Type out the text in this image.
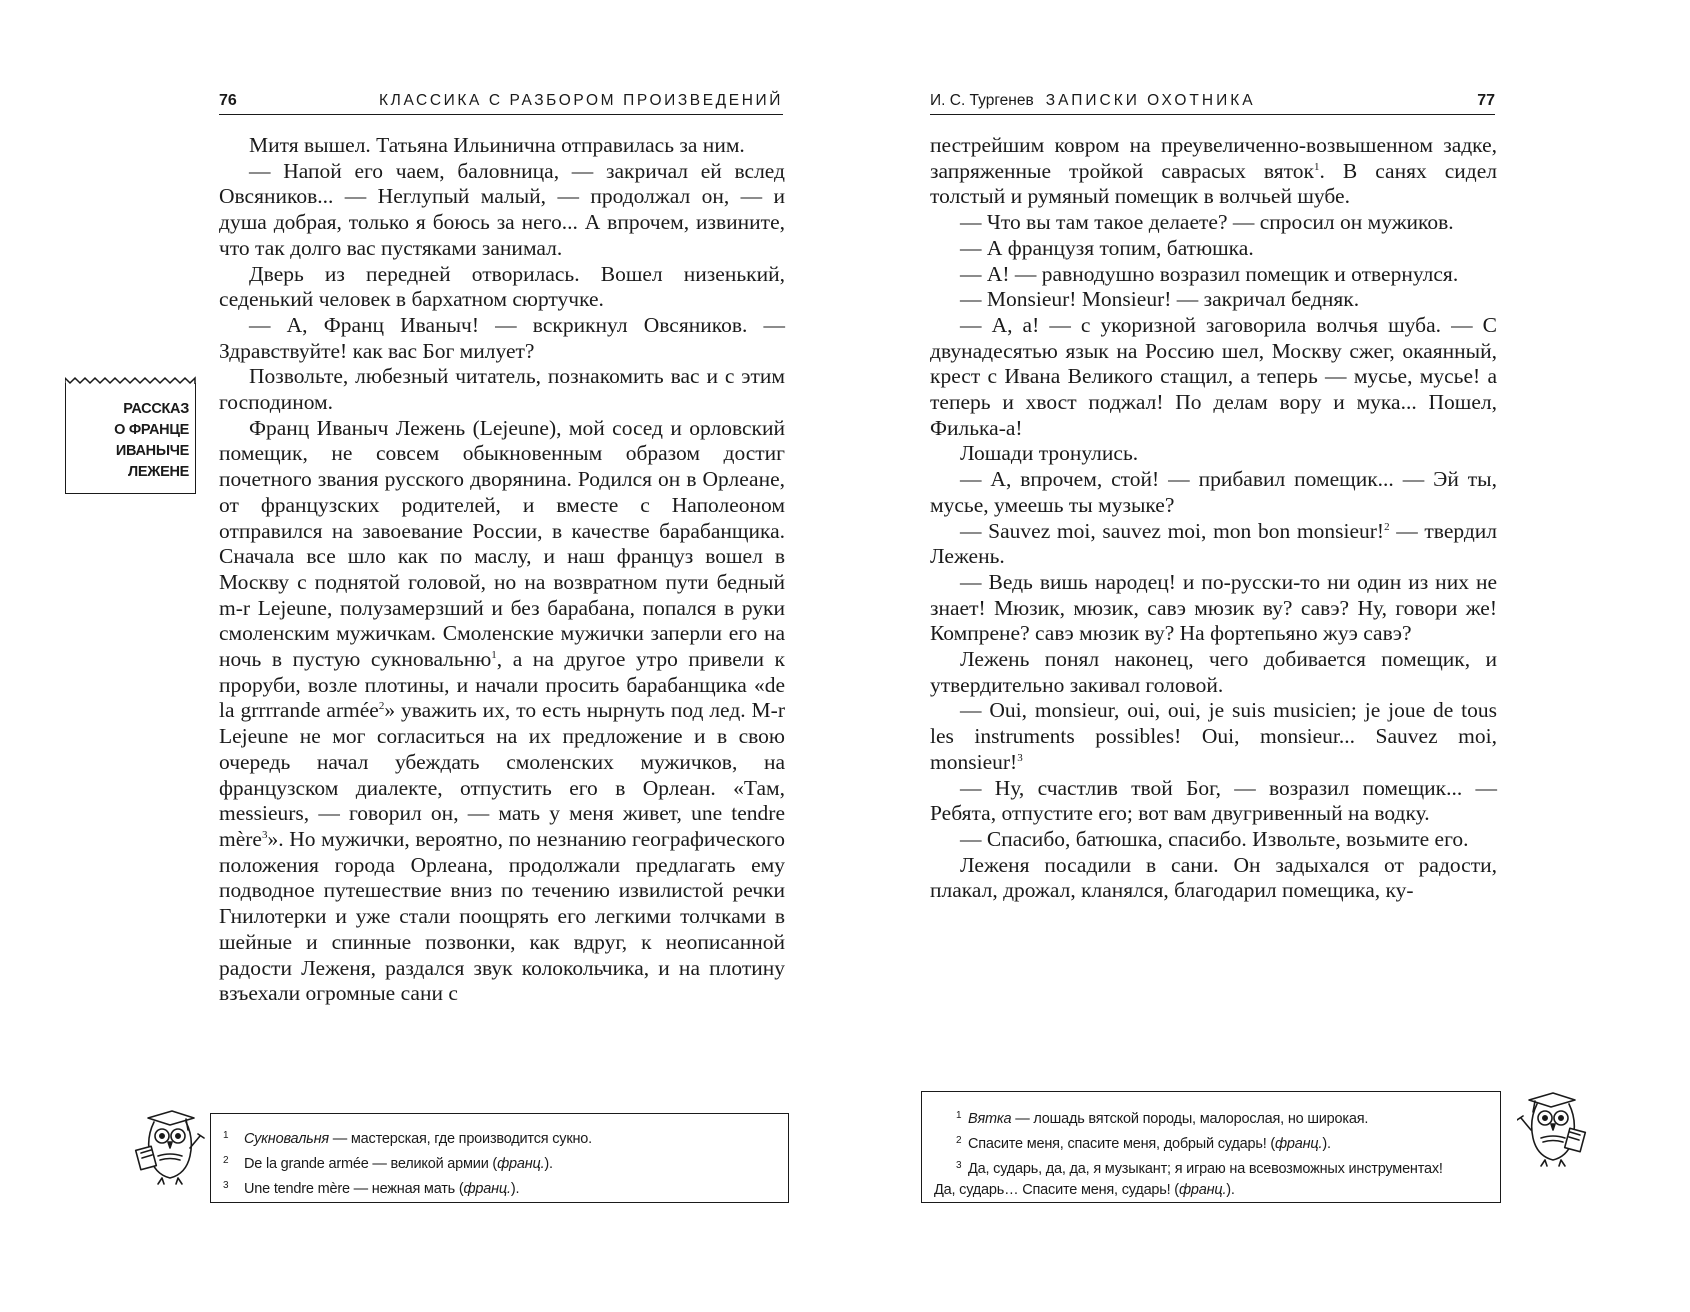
76	КЛАССИКА С РАЗБОРОМ ПРОИЗВЕДЕНИЙ
РАССКАЗ
О ФРАНЦЕ
ИВАНЫЧЕ
ЛЕЖЕНЕ

Митя вышел. Татьяна Ильинична отправилась за ним.

— Напой его чаем, баловница, — закричал ей вслед Овсяников... — Неглупый малый, — продолжал он, — и душа добрая, только я боюсь за него... А впрочем, извините, что так долго вас пустяками занимал.

Дверь из передней отворилась. Вошел низенький, седенький человек в бархатном сюртучке.

— А, Франц Иваныч! — вскрикнул Овсяников. — Здравствуйте! как вас Бог милует?

Позвольте, любезный читатель, познакомить вас и с этим господином.

Франц Иваныч Лежень (Lejeune), мой сосед и орловский помещик, не совсем обыкновенным образом достиг почетного звания русского дворянина. Родился он в Орлеане, от французских родителей, и вместе с Наполеоном отправился на завоевание России, в качестве барабанщика. Сначала все шло как по маслу, и наш француз вошел в Москву с поднятой головой, но на возвратном пути бедный m-r Lejeune, полузамерзший и без барабана, попался в руки смоленским мужичкам. Смоленские мужички заперли его на ночь в пустую сукновальню$^1$, а на другое утро привели к проруби, возле плотины, и начали просить барабанщика «de la grrrrande armée$^2$» уважить их, то есть нырнуть под лед. M-r Lejeune не мог согласиться на их предложение и в свою очередь начал убеждать смоленских мужичков, на французском диалекте, отпустить его в Орлеан. «Там, messieurs, — говорил он, — мать у меня живет, une tendre mère$^3$». Но мужички, вероятно, по незнанию географического положения города Орлеана, продолжали предлагать ему подводное путешествие вниз по течению извилистой речки Гнилотерки и уже стали поощрять его легкими толчками в шейные и спинные позвонки, как вдруг, к неописанной радости Леженя, раздался звук колокольчика, и на плотину взъехали огромные сани с

1 Сукновальня — мастерская, где производится сукно.
2 De la grande armée — великой армии (франц.).
3 Une tendre mère — нежная мать (франц.).
И. С. Тургенев ЗАПИСКИ ОХОТНИКА	77

пестрейшим ковром на преувеличенно-возвышенном задке, запряженные тройкой саврасых вяток$^1$. В санях сидел толстый и румяный помещик в волчьей шубе.

— Что вы там такое делаете? — спросил он мужиков.

— А французя топим, батюшка.

— А! — равнодушно возразил помещик и отвернулся.

— Monsieur! Monsieur! — закричал бедняк.

— А, а! — с укоризной заговорила волчья шуба. — С двунадесятью язык на Россию шел, Москву сжег, окаянный, крест с Ивана Великого стащил, а теперь — мусье, мусье! а теперь и хвост поджал! По делам вору и мука... Пошел, Филька-а!

Лошади тронулись.

— А, впрочем, стой! — прибавил помещик... — Эй ты, мусье, умеешь ты музыке?

— Sauvez moi, sauvez moi, mon bon monsieur!$^2$ — твердил Лежень.

— Ведь вишь народец! и по-русски-то ни один из них не знает! Мюзик, мюзик, савэ мюзик ву? савэ? Ну, говори же! Компрене? савэ мюзик ву? На фортепьяно жуэ савэ?

Лежень понял наконец, чего добивается помещик, и утвердительно закивал головой.

— Oui, monsieur, oui, oui, je suis musicien; je joue de tous les instruments possibles! Oui, monsieur... Sauvez moi, monsieur!$^3$

— Ну, счастлив твой Бог, — возразил помещик... — Ребята, отпустите его; вот вам двугривенный на водку.

— Спасибо, батюшка, спасибо. Извольте, возьмите его.

Леженя посадили в сани. Он задыхался от радости, плакал, дрожал, кланялся, благодарил помещика, ку-

1 Вятка — лошадь вятской породы, малорослая, но широкая.
2 Спасите меня, спасите меня, добрый сударь! (франц.).
3 Да, сударь, да, да, я музыкант; я играю на всевозможных инструментах!
Да, сударь… Спасите меня, сударь! (франц.).
